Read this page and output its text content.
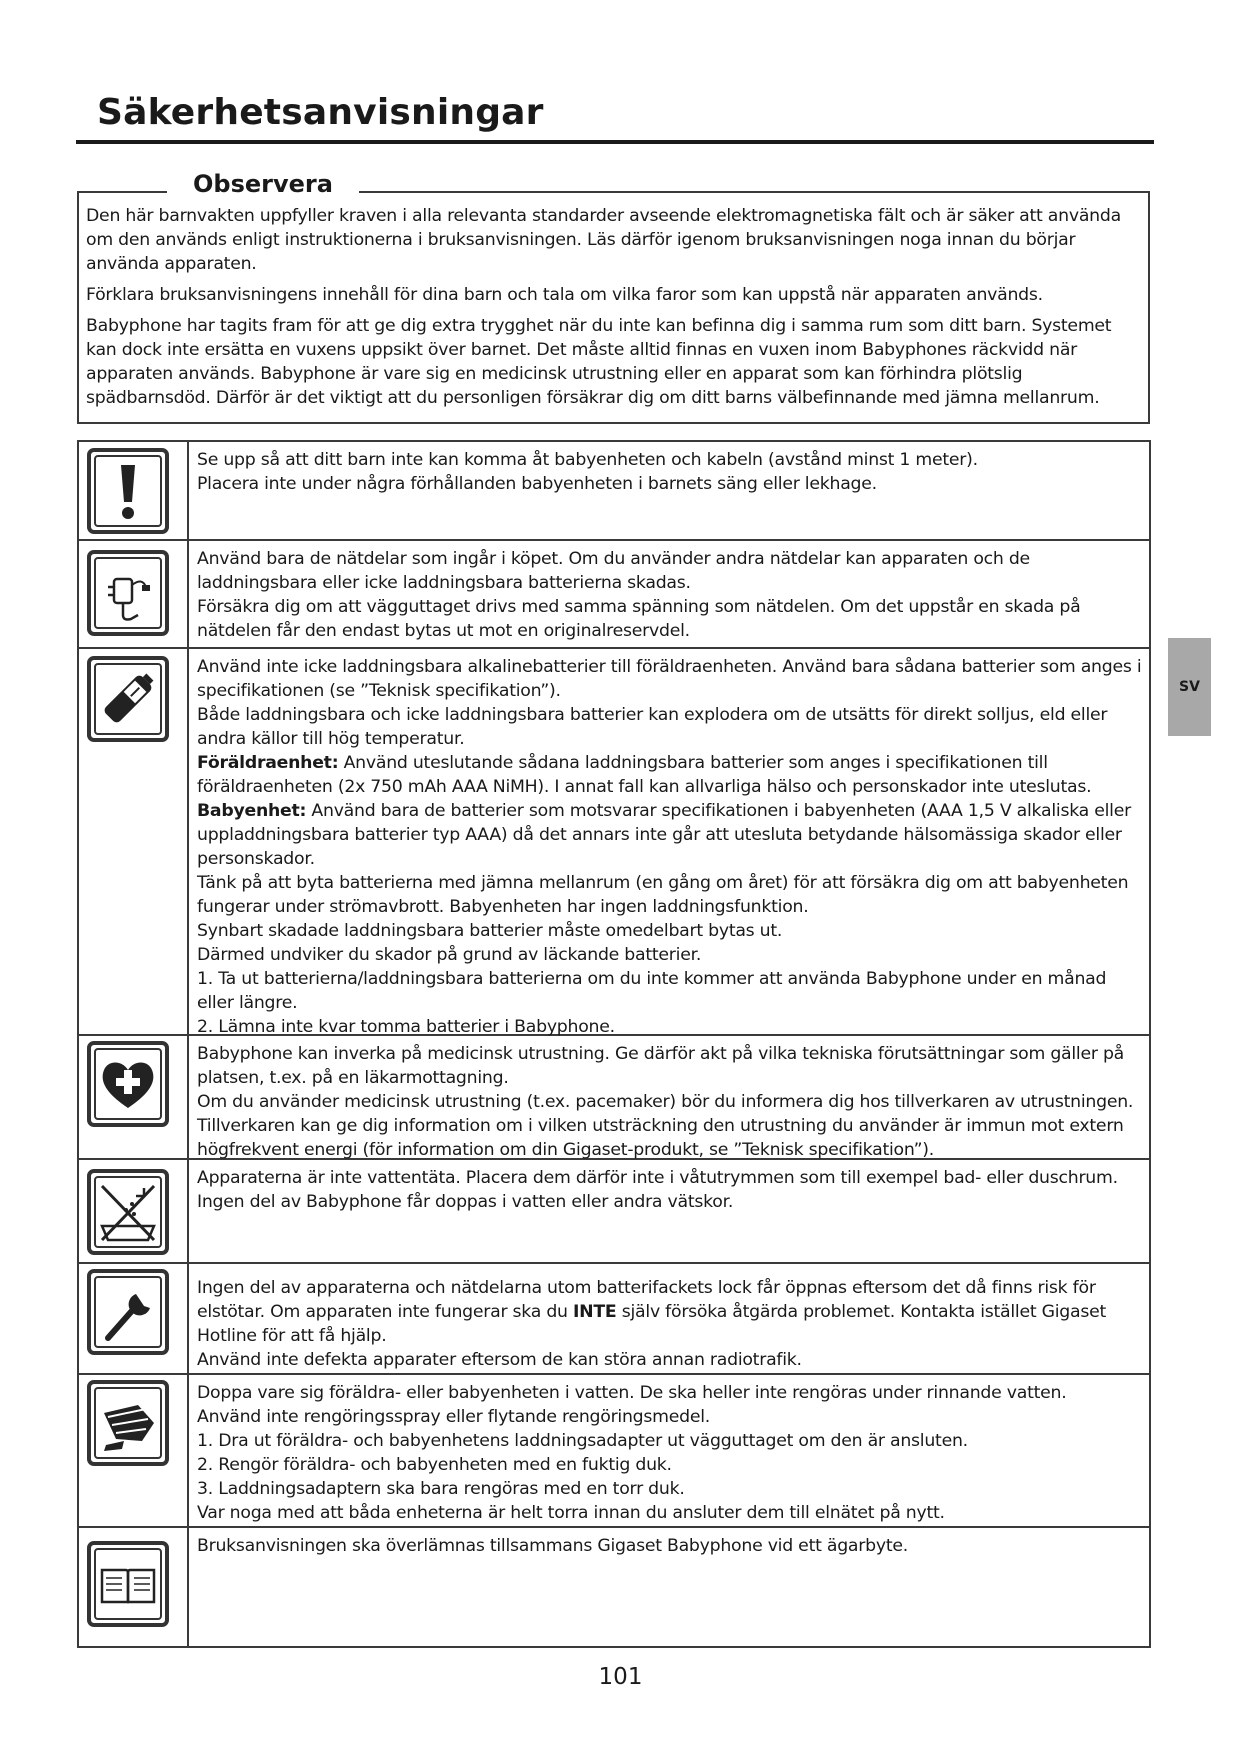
Säkerhetsanvisningar
Observera

Den här barnvakten uppfyller kraven i alla relevanta standarder avseende elektromagnetiska fält och är säker att använda om den används enligt instruktionerna i bruksanvisningen. Läs därför igenom bruksanvisningen noga innan du börjar använda apparaten.

Förklara bruksanvisningens innehåll för dina barn och tala om vilka faror som kan uppstå när apparaten används.

Babyphone har tagits fram för att ge dig extra trygghet när du inte kan befinna dig i samma rum som ditt barn. Systemet kan dock inte ersätta en vuxens uppsikt över barnet. Det måste alltid finnas en vuxen inom Babyphones räckvidd när apparaten används. Babyphone är vare sig en medicinsk utrustning eller en apparat som kan förhindra plötslig spädbarnsdöd. Därför är det viktigt att du personligen försäkrar dig om ditt barns välbefinnande med jämna mellanrum.

Se upp så att ditt barn inte kan komma åt babyenheten och kabeln (avstånd minst 1 meter).

Placera inte under några förhållanden babyenheten i barnets säng eller lekhage.

Använd bara de nätdelar som ingår i köpet. Om du använder andra nätdelar kan apparaten och de laddningsbara eller icke laddningsbara batterierna skadas.

Försäkra dig om att vägguttaget drivs med samma spänning som nätdelen. Om det uppstår en skada på nätdelen får den endast bytas ut mot en originalreservdel.

Använd inte icke laddningsbara alkalinebatterier till föräldraenheten. Använd bara sådana batterier som anges i specifikationen (se ”Teknisk specifikation”).

Både laddningsbara och icke laddningsbara batterier kan explodera om de utsätts för direkt solljus, eld eller andra källor till hög temperatur.

Föräldraenhet: Använd uteslutande sådana laddningsbara batterier som anges i specifikationen till föräldraenheten (2x 750 mAh AAA NiMH). I annat fall kan allvarliga hälso och personskador inte uteslutas.

Babyenhet: Använd bara de batterier som motsvarar specifikationen i babyenheten (AAA 1,5 V alkaliska eller uppladdningsbara batterier typ AAA) då det annars inte går att utesluta betydande hälsomässiga skador eller personskador.

Tänk på att byta batterierna med jämna mellanrum (en gång om året) för att försäkra dig om att babyenheten fungerar under strömavbrott. Babyenheten har ingen laddningsfunktion.

Synbart skadade laddningsbara batterier måste omedelbart bytas ut.

Därmed undviker du skador på grund av läckande batterier.

1. Ta ut batterierna/laddningsbara batterierna om du inte kommer att använda Babyphone under en månad eller längre.

2. Lämna inte kvar tomma batterier i Babyphone.

Babyphone kan inverka på medicinsk utrustning. Ge därför akt på vilka tekniska förutsättningar som gäller på platsen, t.ex. på en läkarmottagning.

Om du använder medicinsk utrustning (t.ex. pacemaker) bör du informera dig hos tillverkaren av utrustningen. Tillverkaren kan ge dig information om i vilken utsträckning den utrustning du använder är immun mot extern högfrekvent energi (för information om din Gigaset-produkt, se ”Teknisk specifikation”).

Apparaterna är inte vattentäta. Placera dem därför inte i våtutrymmen som till exempel bad- eller duschrum.

Ingen del av Babyphone får doppas i vatten eller andra vätskor.

Ingen del av apparaterna och nätdelarna utom batterifackets lock får öppnas eftersom det då finns risk för elstötar. Om apparaten inte fungerar ska du INTE själv försöka åtgärda problemet. Kontakta istället Gigaset Hotline för att få hjälp.

Använd inte defekta apparater eftersom de kan störa annan radiotrafik.

Doppa vare sig föräldra- eller babyenheten i vatten. De ska heller inte rengöras under rinnande vatten.

Använd inte rengöringsspray eller flytande rengöringsmedel.

1. Dra ut föräldra- och babyenhetens laddningsadapter ut vägguttaget om den är ansluten.

2. Rengör föräldra- och babyenheten med en fuktig duk.

3. Laddningsadaptern ska bara rengöras med en torr duk.

Var noga med att båda enheterna är helt torra innan du ansluter dem till elnätet på nytt.

Bruksanvisningen ska överlämnas tillsammans Gigaset Babyphone vid ett ägarbyte.

SV
101
